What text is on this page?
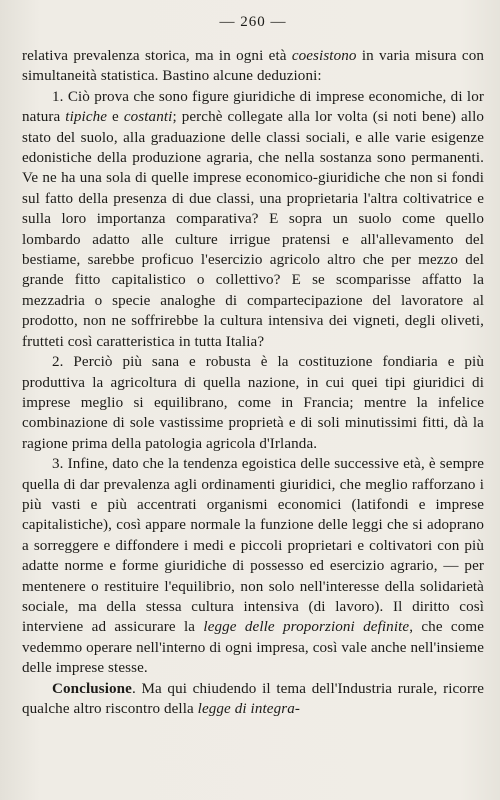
— 260 —

relativa prevalenza storica, ma in ogni età coesistono in varia misura con simultaneità statistica. Bastino alcune deduzioni:

1. Ciò prova che sono figure giuridiche di imprese economiche, di lor natura tipiche e costanti; perchè collegate alla lor volta (si noti bene) allo stato del suolo, alla graduazione delle classi sociali, e alle varie esigenze edonistiche della produzione agraria, che nella sostanza sono permanenti. Ve ne ha una sola di quelle imprese economico-giuridiche che non si fondi sul fatto della presenza di due classi, una proprietaria l'altra coltivatrice e sulla loro importanza comparativa? E sopra un suolo come quello lombardo adatto alle culture irrigue pratensi e all'allevamento del bestiame, sarebbe proficuo l'esercizio agricolo altro che per mezzo del grande fitto capitalistico o collettivo? E se scomparisse affatto la mezzadria o specie analoghe di compartecipazione del lavoratore al prodotto, non ne soffrirebbe la cultura intensiva dei vigneti, degli oliveti, frutteti così caratteristica in tutta Italia?

2. Perciò più sana e robusta è la costituzione fondiaria e più produttiva la agricoltura di quella nazione, in cui quei tipi giuridici di imprese meglio si equilibrano, come in Francia; mentre la infelice combinazione di sole vastissime proprietà e di soli minutissimi fitti, dà la ragione prima della patologia agricola d'Irlanda.

3. Infine, dato che la tendenza egoistica delle successive età, è sempre quella di dar prevalenza agli ordinamenti giuridici, che meglio rafforzano i più vasti e più accentrati organismi economici (latifondi e imprese capitalistiche), così appare normale la funzione delle leggi che si adoprano a sorreggere e diffondere i medi e piccoli proprietari e coltivatori con più adatte norme e forme giuridiche di possesso ed esercizio agrario, — per mentenere o restituire l'equilibrio, non solo nell'interesse della solidarietà sociale, ma della stessa cultura intensiva (di lavoro). Il diritto così interviene ad assicurare la legge delle proporzioni definite, che come vedemmo operare nell'interno di ogni impresa, così vale anche nell'insieme delle imprese stesse.

Conclusione. Ma qui chiudendo il tema dell'Industria rurale, ricorre qualche altro riscontro della legge di integra-
